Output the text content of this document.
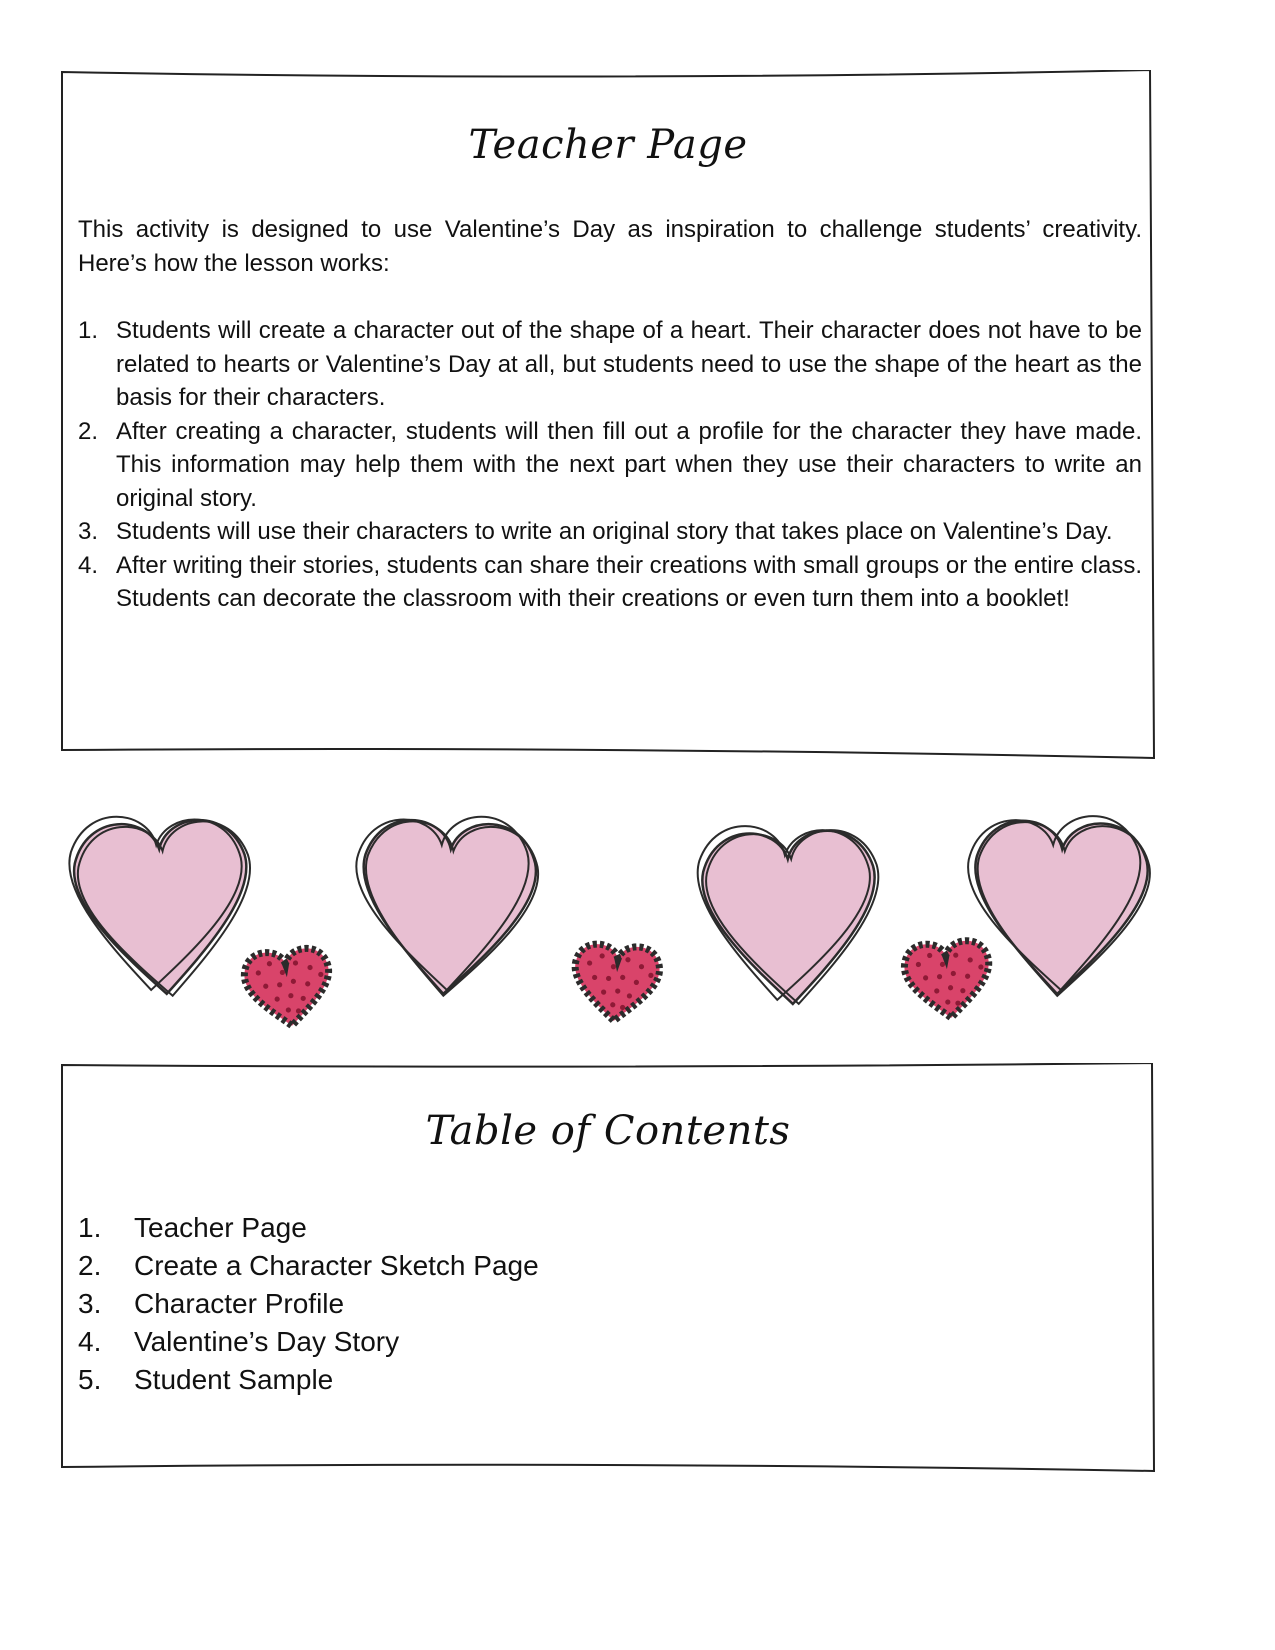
Teacher Page

This activity is designed to use Valentine’s Day as inspiration to challenge students’ creativity. Here’s how the lesson works:

1. Students will create a character out of the shape of a heart. Their character does not have to be related to hearts or Valentine’s Day at all, but students need to use the shape of the heart as the basis for their characters.
2. After creating a character, students will then fill out a profile for the character they have made. This information may help them with the next part when they use their characters to write an original story.
3. Students will use their characters to write an original story that takes place on Valentine’s Day.
4. After writing their stories, students can share their creations with small groups or the entire class. Students can decorate the classroom with their creations or even turn them into a booklet!
Table of Contents
1. Teacher Page
2. Create a Character Sketch Page
3. Character Profile
4. Valentine’s Day Story
5. Student Sample
